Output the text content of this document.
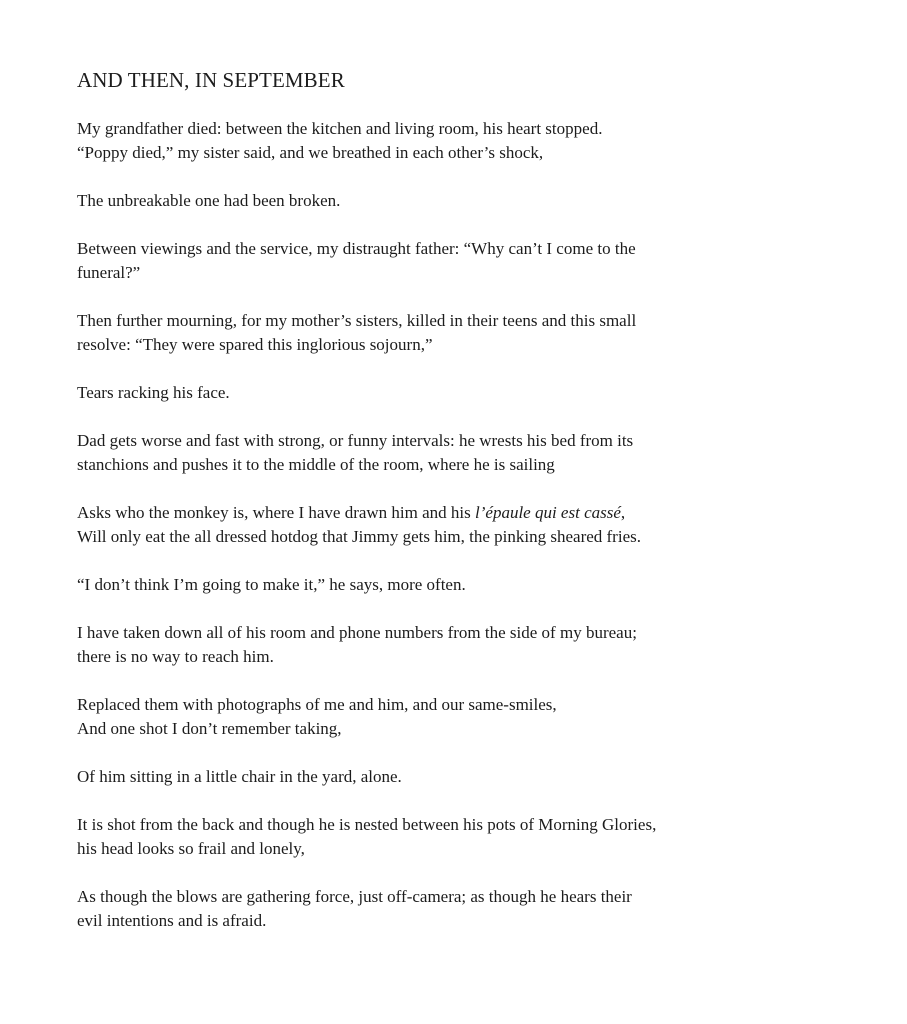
AND THEN, IN SEPTEMBER
My grandfather died: between the kitchen and living room, his heart stopped.
“Poppy died,” my sister said, and we breathed in each other’s shock,
The unbreakable one had been broken.
Between viewings and the service, my distraught father: “Why can’t I come to the
funeral?”
Then further mourning, for my mother’s sisters, killed in their teens and this small
resolve: “They were spared this inglorious sojourn,”
Tears racking his face.
Dad gets worse and fast with strong, or funny intervals: he wrests his bed from its
stanchions and pushes it to the middle of the room, where he is sailing
Asks who the monkey is, where I have drawn him and his l’épaule qui est cassé,
Will only eat the all dressed hotdog that Jimmy gets him, the pinking sheared fries.
“I don’t think I’m going to make it,” he says, more often.
I have taken down all of his room and phone numbers from the side of my bureau;
there is no way to reach him.
Replaced them with photographs of me and him, and our same-smiles,
And one shot I don’t remember taking,
Of him sitting in a little chair in the yard, alone.
It is shot from the back and though he is nested between his pots of Morning Glories,
his head looks so frail and lonely,
As though the blows are gathering force, just off-camera; as though he hears their
evil intentions and is afraid.
